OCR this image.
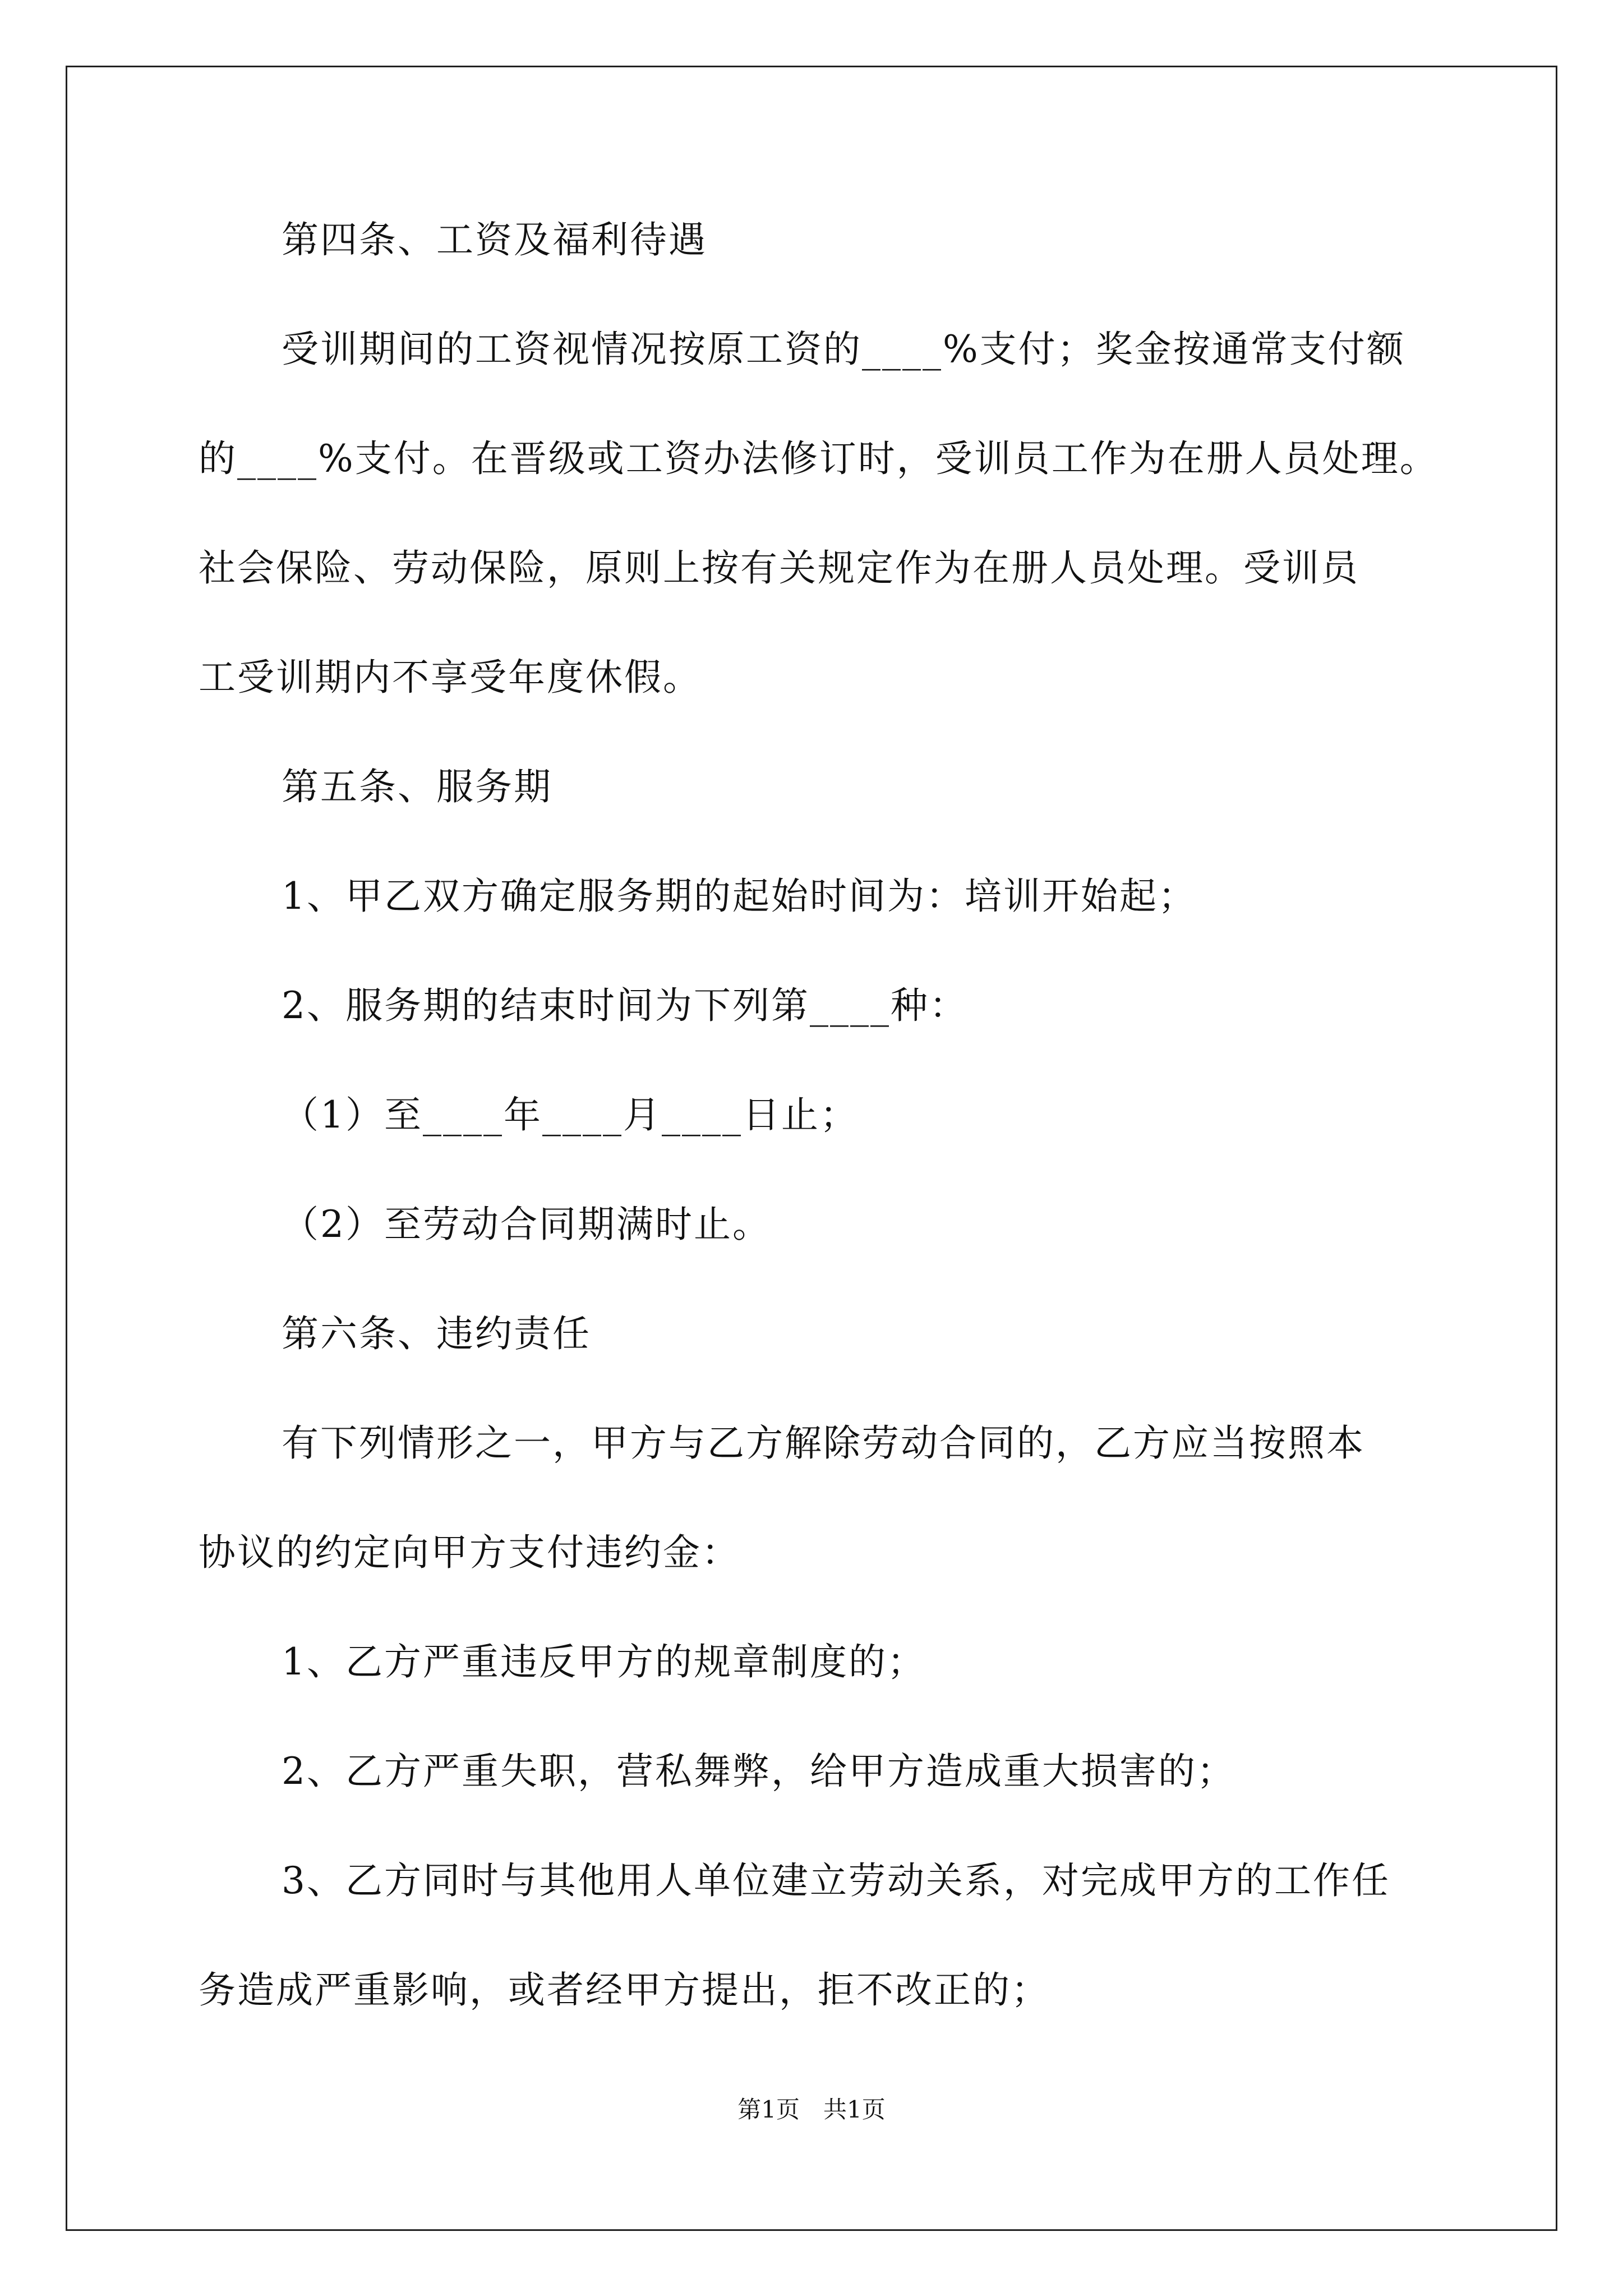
第四条、工资及福利待遇
受训期间的工资视情况按原工资的____%支付；奖金按通常支付额
的____%支付。在晋级或工资办法修订时，受训员工作为在册人员处理。
社会保险、劳动保险，原则上按有关规定作为在册人员处理。受训员
工受训期内不享受年度休假。
第五条、服务期
1、甲乙双方确定服务期的起始时间为：培训开始起；
2、服务期的结束时间为下列第____种：
（1）至____年____月____日止；
（2）至劳动合同期满时止。
第六条、违约责任
有下列情形之一，甲方与乙方解除劳动合同的，乙方应当按照本
协议的约定向甲方支付违约金：
1、乙方严重违反甲方的规章制度的；
2、乙方严重失职，营私舞弊，给甲方造成重大损害的；
3、乙方同时与其他用人单位建立劳动关系，对完成甲方的工作任
务造成严重影响，或者经甲方提出，拒不改正的；
第1页　共1页
